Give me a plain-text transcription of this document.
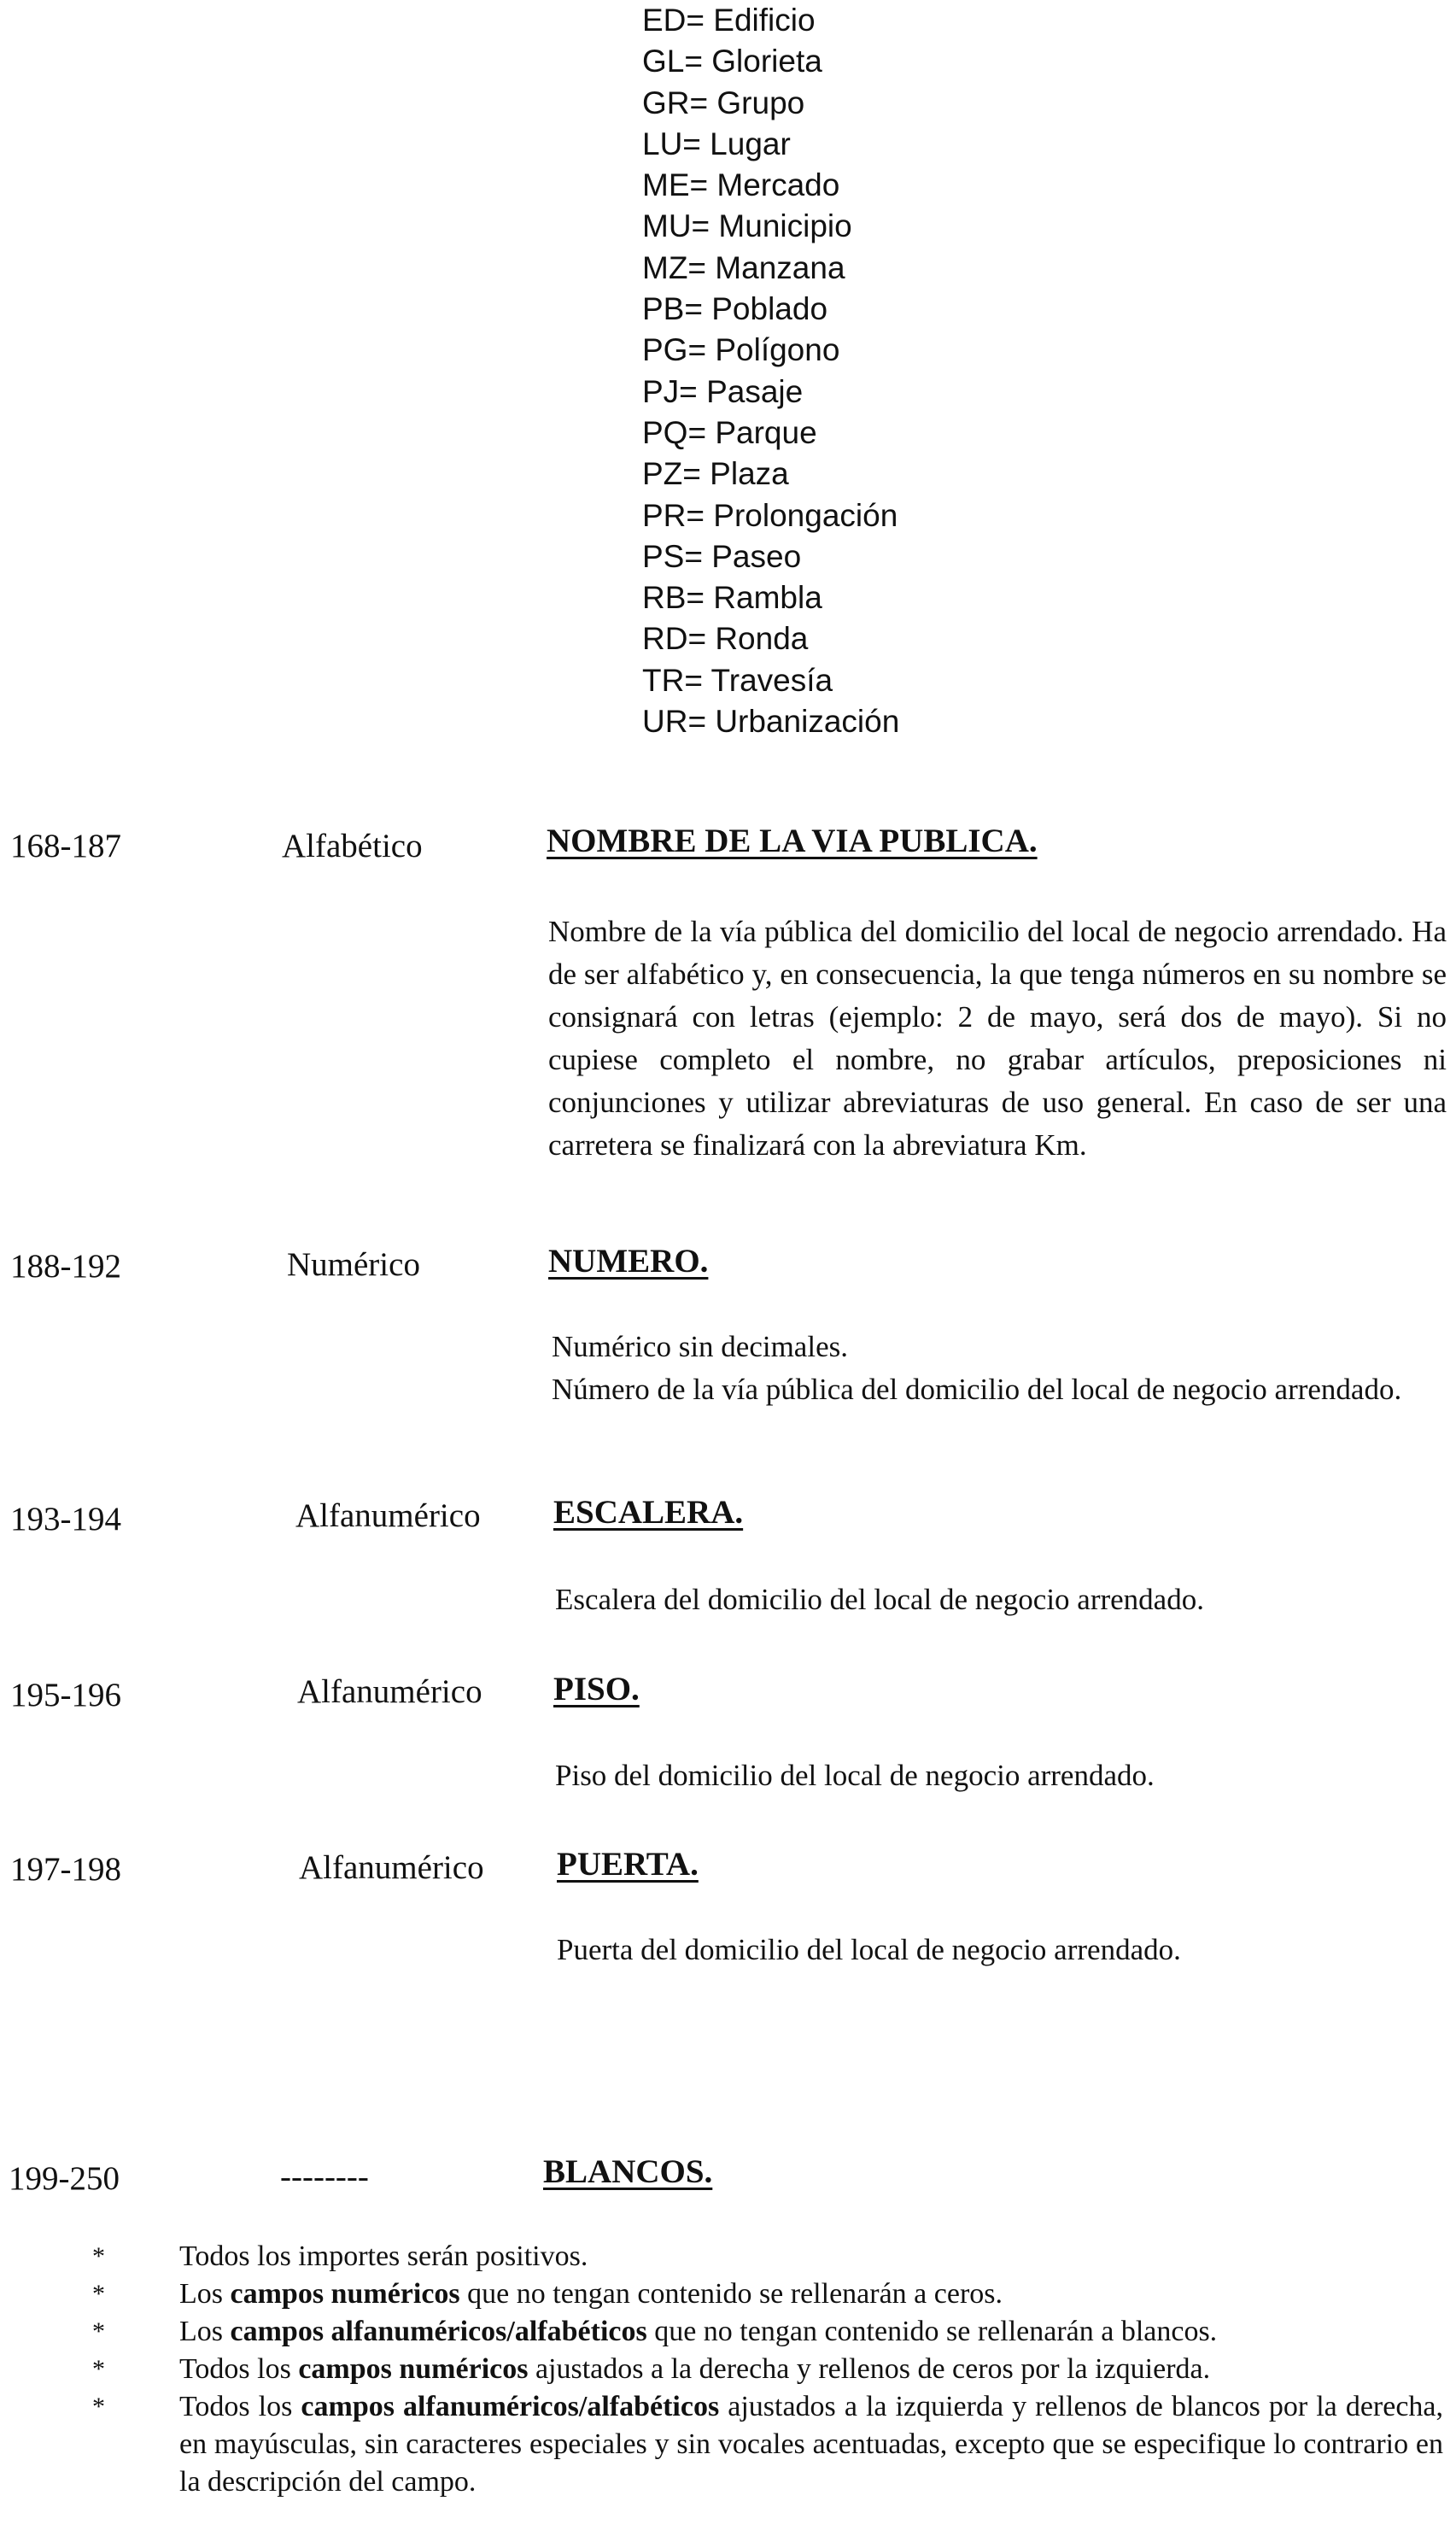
ED= Edificio
GL= Glorieta
GR= Grupo
LU= Lugar
ME= Mercado
MU= Municipio
MZ= Manzana
PB= Poblado
PG= Polígono
PJ= Pasaje
PQ= Parque
PZ= Plaza
PR= Prolongación
PS= Paseo
RB= Rambla
RD= Ronda
TR= Travesía
UR= Urbanización
168-187	Alfabético	NOMBRE DE LA VIA PUBLICA.

Nombre de la vía pública del domicilio del local de negocio arrendado. Ha de ser alfabético y, en consecuencia, la que tenga números en su nombre se consignará con letras (ejemplo: 2 de mayo, será dos de mayo). Si no cupiese completo el nombre, no grabar artículos, preposiciones ni conjunciones y utilizar abreviaturas de uso general. En caso de ser una carretera se finalizará con la abreviatura Km.

188-192	Numérico	NUMERO.

Numérico sin decimales.

Número de la vía pública del domicilio del local de negocio arrendado.

193-194	Alfanumérico ESCALERA.

Escalera del domicilio del local de negocio arrendado.

195-196	Alfanumérico PISO.

Piso del domicilio del local de negocio arrendado.

197-198	Alfanumérico PUERTA.

Puerta del domicilio del local de negocio arrendado.

199-250	--------	BLANCOS.
*	Todos los importes serán positivos.
*	Los campos numéricos que no tengan contenido se rellenarán a ceros.
*	Los campos alfanuméricos/alfabéticos que no tengan contenido se rellenarán a blancos.
*	Todos los campos numéricos ajustados a la derecha y rellenos de ceros por la izquierda.
*	Todos los campos alfanuméricos/alfabéticos ajustados a la izquierda y rellenos de blancos por la derecha, en mayúsculas, sin caracteres especiales y sin vocales acentuadas, excepto que se especifique lo contrario en la descripción del campo.
